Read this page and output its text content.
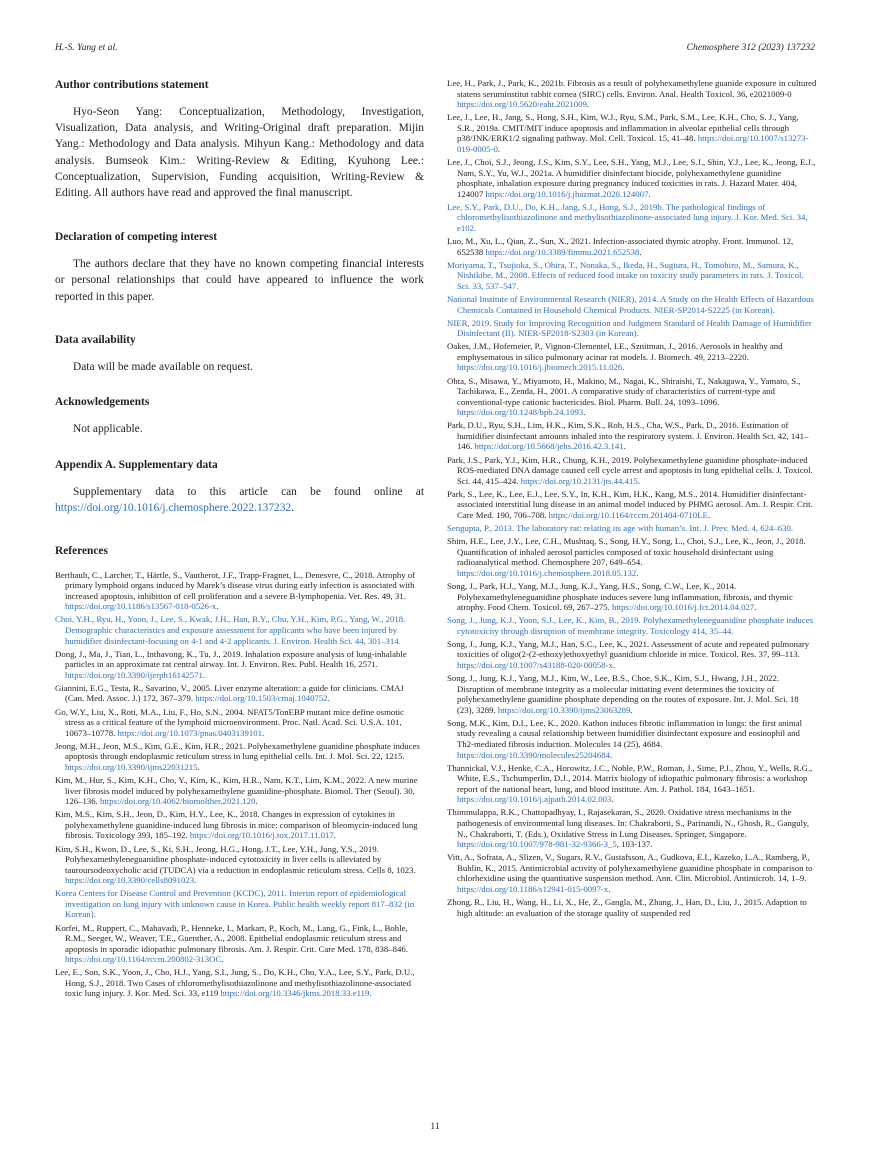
H.-S. Yang et al.	Chemosphere 312 (2023) 137232
Author contributions statement

Hyo-Seon Yang: Conceptualization, Methodology, Investigation, Visualization, Data analysis, and Writing-Original draft preparation. Mijin Yang.: Methodology and Data analysis. Mihyun Kang.: Methodology and data analysis. Bumseok Kim.: Writing-Review & Editing, Kyuhong Lee.: Conceptualization, Supervision, Funding acquisition, Writing-Review & Editing. All authors have read and approved the final manuscript.

Declaration of competing interest

The authors declare that they have no known competing financial interests or personal relationships that could have appeared to influence the work reported in this paper.

Data availability

Data will be made available on request.

Acknowledgements

Not applicable.

Appendix A. Supplementary data

Supplementary data to this article can be found online at https://doi.org/10.1016/j.chemosphere.2022.137232.

References
Berthault, C., Larcher, T., Härtle, S., Vautherot, J.F., Trapp-Fragnet, L., Denesvre, C., 2018. Atrophy of primary lymphoid organs induced by Marek’s disease virus during early infection is associated with increased apoptosis, inhibition of cell proliferation and a severe B-lymphopenia. Vet. Res. 49, 31. https://doi.org/10.1186/s13567-018-0526-x.
Choi, Y.H., Ryu, H., Yoon, J., Lee, S., Kwak, J.H., Han, B.Y., Chu, Y.H., Kim, P.G., Yang, W., 2018. Demographic characteristics and exposure assessment for applicants who have been injured by humidifier disinfectant-focusing on 4-1 and 4-2 applicants. J. Environ. Health Sci. 44, 301–314.
Dong, J., Ma, J., Tian, L., Inthavong, K., Tu, J., 2019. Inhalation exposure analysis of lung-inhalable particles in an approximate rat central airway. Int. J. Environ. Res. Publ. Health 16, 2571. https://doi.org/10.3390/ijerph16142571.
Giannini, E.G., Testa, R., Savarino, V., 2005. Liver enzyme alteration: a guide for clinicians. CMAJ (Can. Med. Assoc. J.) 172, 367–379. https://doi.org/10.1503/cmaj.1040752.
Go, W.Y., Liu, X., Roti, M.A., Liu, F., Ho, S.N., 2004. NFAT5/TonEBP mutant mice define osmotic stress as a critical feature of the lymphoid microenvironment. Proc. Natl. Acad. Sci. U.S.A. 101, 10673–10778. https://doi.org/10.1073/pnas.0403139101.
Jeong, M.H., Jeon, M.S., Kim, G.E., Kim, H.R., 2021. Polyhexamethylene guanidine phosphate induces apoptosis through endoplasmic reticulum stress in lung epithelial cells. Int. J. Mol. Sci. 22, 1215. https://doi.org/10.3390/ijms22031215.
Kim, M., Hur, S., Kim, K.H., Cho, Y., Kim, K., Kim, H.R., Nam, K.T., Lim, K.M., 2022. A new murine liver fibrosis model induced by polyhexamethylene guanidine-phosphate. Biomol. Ther (Seoul). 30, 126–136. https://doi.org/10.4062/biomolther.2021.120.
Kim, M.S., Kim, S.H., Jeon, D., Kim, H.Y., Lee, K., 2018. Changes in expression of cytokines in polyhexamethylene guanidine-induced lung fibrosis in mice: comparison of bleomycin-induced lung fibrosis. Toxicology 393, 185–192. https://doi.org/10.1016/j.tox.2017.11.017.
Kim, S.H., Kwon, D., Lee, S., Ki, S.H., Jeong, H.G., Hong, J.T., Lee, Y.H., Jung, Y.S., 2019. Polyhexamethyleneguanidine phosphate-induced cytotoxicity in liver cells is alleviated by tauroursodeoxycholic acid (TUDCA) via a reduction in endoplasmic reticulum stress. Cells 8, 1023. https://doi.org/10.3390/cells8091023.
Korea Centers for Disease Control and Prevention (KCDC), 2011. Interim report of epidemiological investigation on lung injury with unknown cause in Korea. Public health weekly report 817–832 (in Korean).
Korfei, M., Ruppert, C., Mahavadi, P., Henneke, I., Markart, P., Koch, M., Lang, G., Fink, L., Bohle, R.M., Seeger, W., Weaver, T.E., Guenther, A., 2008. Epithelial endoplasmic reticulum stress and apoptosis in sporadic idiopathic pulmonary fibrosis. Am. J. Respir. Crit. Care Med. 178, 838–846. https://doi.org/10.1164/rccm.200802-313OC.
Lee, E., Son, S.K., Yoon, J., Cho, H.J., Yang, S.I., Jung, S., Do, K.H., Cho, Y.A., Lee, S.Y., Park, D.U., Hong, S.J., 2018. Two Cases of chloromethylisothiazolinone and methylisothiazolinone-associated toxic lung injury. J. Kor. Med. Sci. 33, e119 https://doi.org/10.3346/jkms.2018.33.e119.
Lee, H., Park, J., Park, K., 2021b. Fibrosis as a result of polyhexamethylene guanide exposure in cultured statens seruminstitut rabbit cornea (SIRC) cells. Environ. Anal. Health Toxicol. 36, e2021009-0 https://doi.org/10.5620/eaht.2021009.
Lee, J., Lee, H., Jang, S., Hong, S.H., Kim, W.J., Ryu, S.M., Park, S.M., Lee, K.H., Cho, S. J., Yang, S.R., 2019a. CMIT/MIT induce apoptosis and inflammation in alveolar epithelial cells through p38/JNK/ERK1/2 signaling pathway. Mol. Cell. Toxicol. 15, 41–48. https://doi.org/10.1007/s13273-019-0005-0.
Lee, J., Choi, S.J., Jeong, J.S., Kim, S.Y., Lee, S.H., Yang, M.J., Lee, S.J., Shin, Y.J., Lee, K., Jeong, E.J., Nam, S.Y., Yu, W.J., 2021a. A humidifier disinfectant biocide, polyhexamethylene guanidine phosphate, inhalation exposure during pregnancy induced toxicities in rats. J. Hazard Mater. 404, 124007 https://doi.org/10.1016/j.jhazmat.2020.124007.
Lee, S.Y., Park, D.U., Do, K.H., Jang, S.J., Hong, S.J., 2019b. The pathological findings of chloromethylisothiazolinone and methylisothiazolinone-associated lung injury. J. Kor. Med. Sci. 34, e102.
Luo, M., Xu, L., Qian, Z., Sun, X., 2021. Infection-associated thymic atrophy. Front. Immunol. 12, 652538 https://doi.org/10.3389/fimmu.2021.652538.
Moriyama, T., Tsujioka, S., Ohira, T., Nonaka, S., Ikeda, H., Sugiura, H., Tomohiro, M., Samura, K., Nishikibe, M., 2008. Effects of reduced food intake on toxicity study parameters in rats. J. Toxicol. Sci. 33, 537–547.
National Institute of Environmental Research (NIER), 2014. A Study on the Health Effects of Hazardous Chemicals Contained in Household Chemical Products. NIER-SP2014-S2225 (in Korean).
NIER, 2019. Study for Improving Recognition and Judgment Standard of Health Damage of Humidifier Disinfectant (II). NIER-SP2018-S2303 (in Korean).
Oakes, J.M., Hofemeier, P., Vignon-Clementel, I.E., Sznitman, J., 2016. Aerosols in healthy and emphysematous in silico pulmonary acinar rat models. J. Biomech. 49, 2213–2220. https://doi.org/10.1016/j.jbiomech.2015.11.026.
Ohta, S., Misawa, Y., Miyamoto, H., Makino, M., Nagai, K., Shiraishi, T., Nakagawa, Y., Yamato, S., Tachikawa, E., Zenda, H., 2001. A comparative study of characteristics of current-type and conventional-type cationic bactericides. Biol. Pharm. Bull. 24, 1093–1096. https://doi.org/10.1248/bpb.24.1093.
Park, D.U., Ryu, S.H., Lim, H.K., Kim, S.K., Roh, H.S., Cha, W.S., Park, D., 2016. Estimation of humidifier disinfectant amounts inhaled into the respiratory system. J. Environ. Health Sci. 42, 141–146. https://doi.org/10.5668/jehs.2016.42.3.141.
Park, J.S., Park, Y.J., Kim, H.R., Chung, K.H., 2019. Polyhexamethylene guanidine phosphate-induced ROS-mediated DNA damage caused cell cycle arrest and apoptosis in lung epithelial cells. J. Toxicol. Sci. 44, 415–424. https://doi.org/10.2131/jts.44.415.
Park, S., Lee, K., Lee, E.J., Lee, S.Y., In, K.H., Kim, H.K., Kang, M.S., 2014. Humidifier disinfectant-associated interstitial lung disease in an animal model induced by PHMG aerosol. Am. J. Respir. Crit. Care Med. 190, 706–708. https://doi.org/10.1164/rccm.201404-0710LE.
Sengupta, P., 2013. The laboratory rat: relating its age with human’s. Int. J. Prev. Med. 4, 624–630.
Shim, H.E., Lee, J.Y., Lee, C.H., Mushtaq, S., Song, H.Y., Song, L., Choi, S.J., Lee, K., Jeon, J., 2018. Quantification of inhaled aerosol particles composed of toxic household disinfectant using radioanalytical method. Chemosphere 207, 649–654. https://doi.org/10.1016/j.chemosphere.2018.05.132.
Song, J., Park, H.J., Yang, M.J., Jung, K.J., Yang, H.S., Song, C.W., Lee, K., 2014. Polyhexamethyleneguanidine phosphate induces severe lung inflammation, fibrosis, and thymic atrophy. Food Chem. Toxicol. 69, 267–275. https://doi.org/10.1016/j.fct.2014.04.027.
Song, J., Jung, K.J., Yoon, S.J., Lee, K., Kim, B., 2019. Polyhexamethyleneguanidine phosphate induces cytotoxicity through disruption of membrane integrity. Toxicology 414, 35–44.
Song, J., Jung, K.J., Yang, M.J., Han, S.C., Lee, K., 2021. Assessment of acute and repeated pulmonary toxicities of oligo(2-(2-ethoxy)ethoxyethyl guanidium chloride in mice. Toxicol. Res. 37, 99–113. https://doi.org/10.1007/s43188-020-00058-x.
Song, J., Jung, K.J., Yang, M.J., Kim, W., Lee, B.S., Choe, S.K., Kim, S.J., Hwang, J.H., 2022. Disruption of membrane integrity as a molecular initiating event determines the toxicity of polyhexamethylene guanidine phosphate depending on the routes of exposure. Int. J. Mol. Sci. 18 (23), 3289. https://doi.org/10.3390/ijms23063289.
Song, M.K., Kim, D.I., Lee, K., 2020. Kathon induces fibrotic inflammation in lungs: the first animal study revealing a causal relationship between humidifier disinfectant exposure and eosinophil and Th2-mediated fibrosis induction. Molecules 14 (25), 4684. https://doi.org/10.3390/molecules25204684.
Thannickal, V.J., Henke, C.A., Horowitz, J.C., Noble, P.W., Roman, J., Sime, P.J., Zhou, Y., Wells, R.G., White, E.S., Tschumperlin, D.J., 2014. Matrix biology of idiopathic pulmonary fibrosis: a workshop report of the national heart, lung, and blood institute. Am. J. Pathol. 184, 1643–1651. https://doi.org/10.1016/j.ajpath.2014.02.003.
Thimmulappa, R.K., Chattopadhyay, I., Rajasekaran, S., 2020. Oxidative stress mechanisms in the pathogenesis of environmental lung diseases. In: Chakraborti, S., Parinandi, N., Ghosh, R., Ganguly, N., Chakraborti, T. (Eds.), Oxidative Stress in Lung Diseases. Springer, Singapore. https://doi.org/10.1007/978-981-32-9366-3_5, 103-137.
Vitt, A., Sofrata, A., Slizen, V., Sugars, R.V., Gustafsson, A., Gudkova, E.I., Kazeko, L.A., Ramberg, P., Buhlin, K., 2015. Antimicrobial activity of polyhexamethylene guanidine phosphate in comparison to chlorhexidine using the quantitative suspension method. Ann. Clin. Microbiol. Antimicrob. 14, 1–9. https://doi.org/10.1186/s12941-015-0097-x.
Zhong, R., Liu, H., Wang, H., Li, X., He, Z., Gangla, M., Zhang, J., Han, D., Liu, J., 2015. Adaption to high altitude: an evaluation of the storage quality of suspended red
11
